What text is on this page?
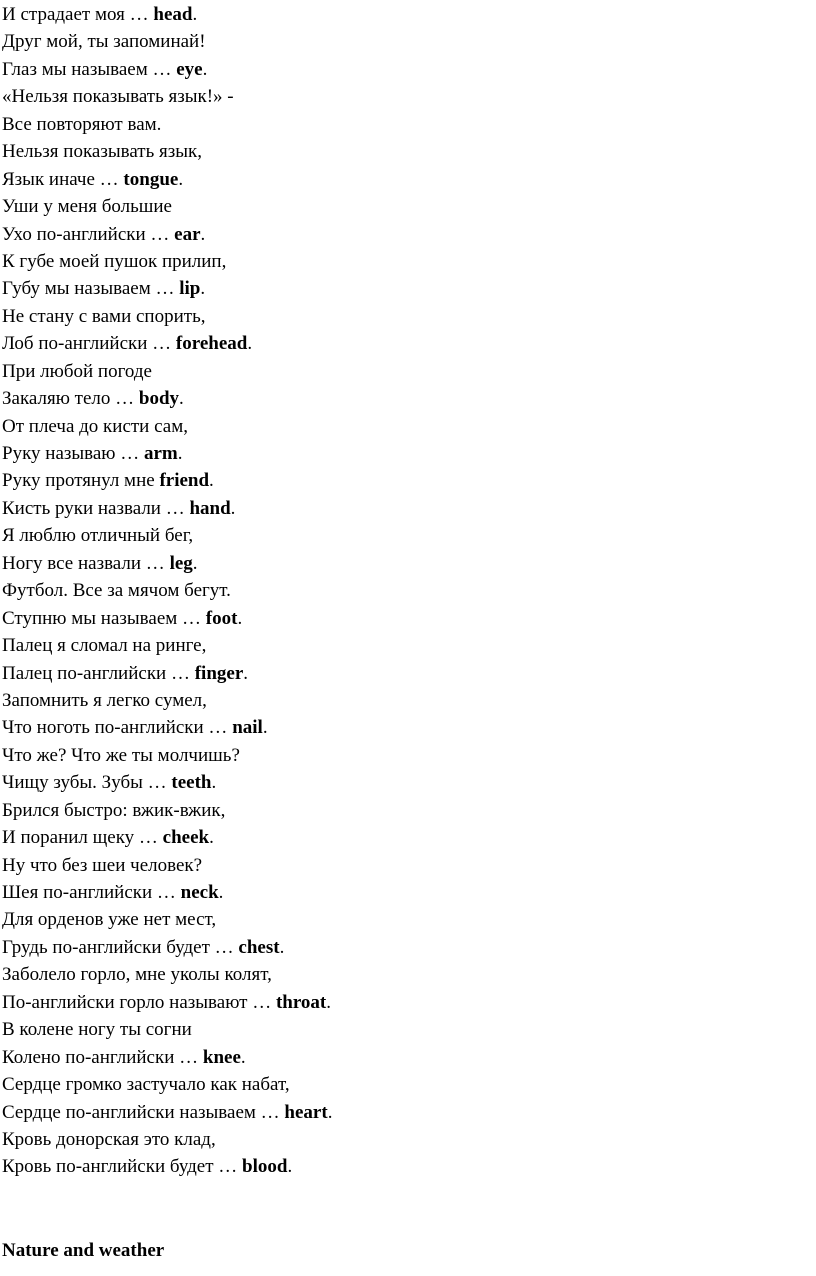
И страдает моя … head.
Друг мой, ты запоминай!
Глаз мы называем … eye.
«Нельзя показывать язык!» -
Все повторяют вам.
Нельзя показывать язык,
Язык иначе … tongue.
Уши у меня большие
Ухо по-английски … ear.
К губе моей пушок прилип,
Губу мы называем … lip.
Не стану с вами спорить,
Лоб по-английски … forehead.
При любой погоде
Закаляю тело … body.
От плеча до кисти сам,
Руку называю … arm.
Руку протянул мне friend.
Кисть руки назвали … hand.
Я люблю отличный бег,
Ногу все назвали … leg.
Футбол. Все за мячом бегут.
Ступню мы называем … foot.
Палец я сломал на ринге,
Палец по-английски … finger.
Запомнить я легко сумел,
Что ноготь по-английски … nail.
Что же? Что же ты молчишь?
Чищу зубы. Зубы … teeth.
Брился быстро: вжик-вжик,
И поранил щеку … cheek.
Ну что без шеи человек?
Шея по-английски … neck.
Для орденов уже нет мест,
Грудь по-английски будет … chest.
Заболело горло, мне уколы колят,
По-английски горло называют … throat.
В колене ногу ты согни
Колено по-английски … knee.
Сердце громко застучало как набат,
Сердце по-английски называем … heart.
Кровь донорская это клад,
Кровь по-английски будет … blood.
Nature and weather
